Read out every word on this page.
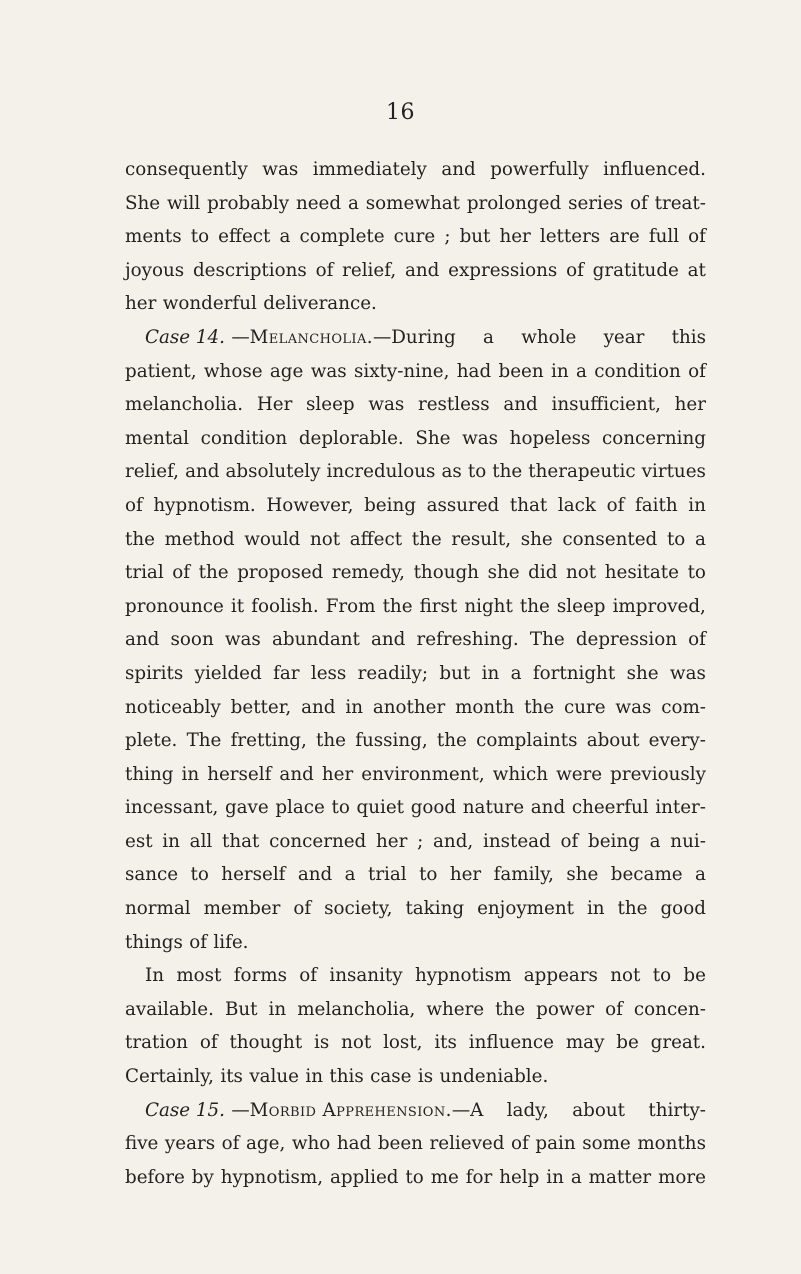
16
consequently was immediately and powerfully influenced.
She will probably need a somewhat prolonged series of treat-
ments to effect a complete cure ; but her letters are full of
joyous descriptions of relief, and expressions of gratitude at
her wonderful deliverance.
Case 14. —Melancholia.—During a whole year this
patient, whose age was sixty-nine, had been in a condition of
melancholia. Her sleep was restless and insufficient, her
mental condition deplorable. She was hopeless concerning
relief, and absolutely incredulous as to the therapeutic virtues
of hypnotism. However, being assured that lack of faith in
the method would not affect the result, she consented to a
trial of the proposed remedy, though she did not hesitate to
pronounce it foolish. From the first night the sleep improved,
and soon was abundant and refreshing. The depression of
spirits yielded far less readily; but in a fortnight she was
noticeably better, and in another month the cure was com-
plete. The fretting, the fussing, the complaints about every-
thing in herself and her environment, which were previously
incessant, gave place to quiet good nature and cheerful inter-
est in all that concerned her ; and, instead of being a nui-
sance to herself and a trial to her family, she became a
normal member of society, taking enjoyment in the good
things of life.
In most forms of insanity hypnotism appears not to be
available. But in melancholia, where the power of concen-
tration of thought is not lost, its influence may be great.
Certainly, its value in this case is undeniable.
Case 15. —Morbid Apprehension.—A lady, about thirty-
five years of age, who had been relieved of pain some months
before by hypnotism, applied to me for help in a matter more
